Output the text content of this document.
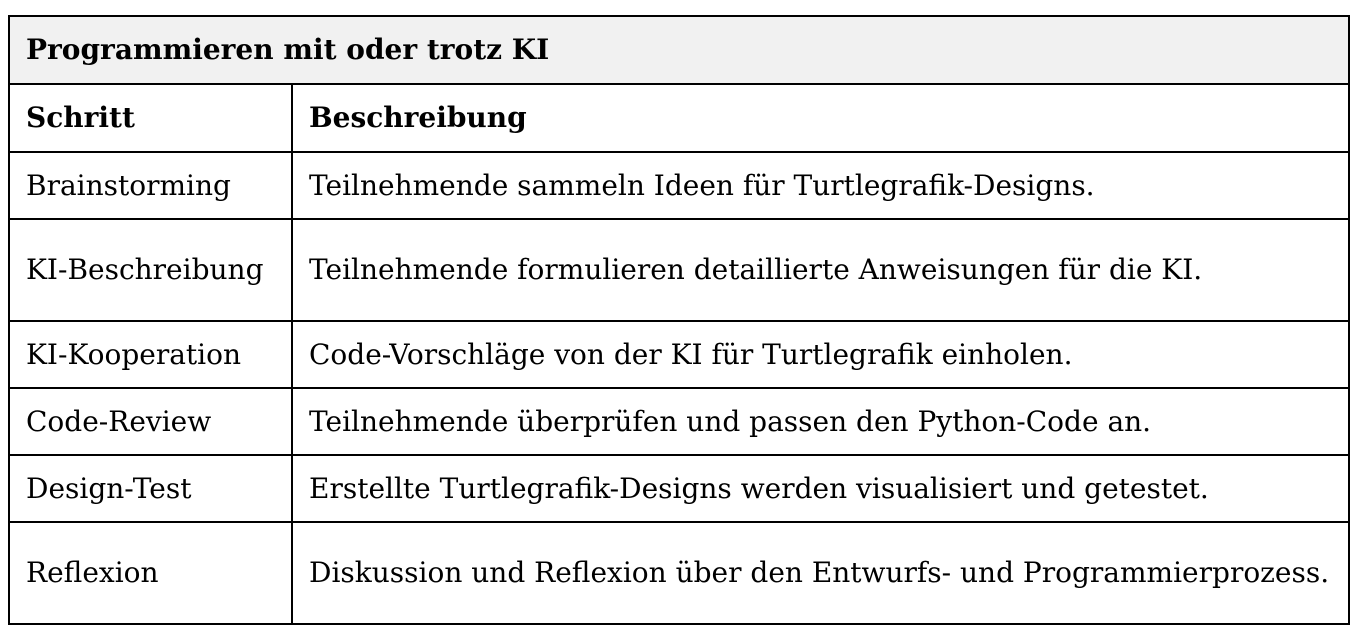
Programmieren mit oder trotz KI	
Schritt	Beschreibung
Brainstorming	Teilnehmende sammeln Ideen für Turtlegrafik-Designs.
KI-Beschreibung	Teilnehmende formulieren detaillierte Anweisungen für die KI.
KI-Kooperation	Code-Vorschläge von der KI für Turtlegrafik einholen.
Code-Review	Teilnehmende überprüfen und passen den Python-Code an.
Design-Test	Erstellte Turtlegrafik-Designs werden visualisiert und getestet.
Reflexion	Diskussion und Reflexion über den Entwurfs- und Programmierprozess.
